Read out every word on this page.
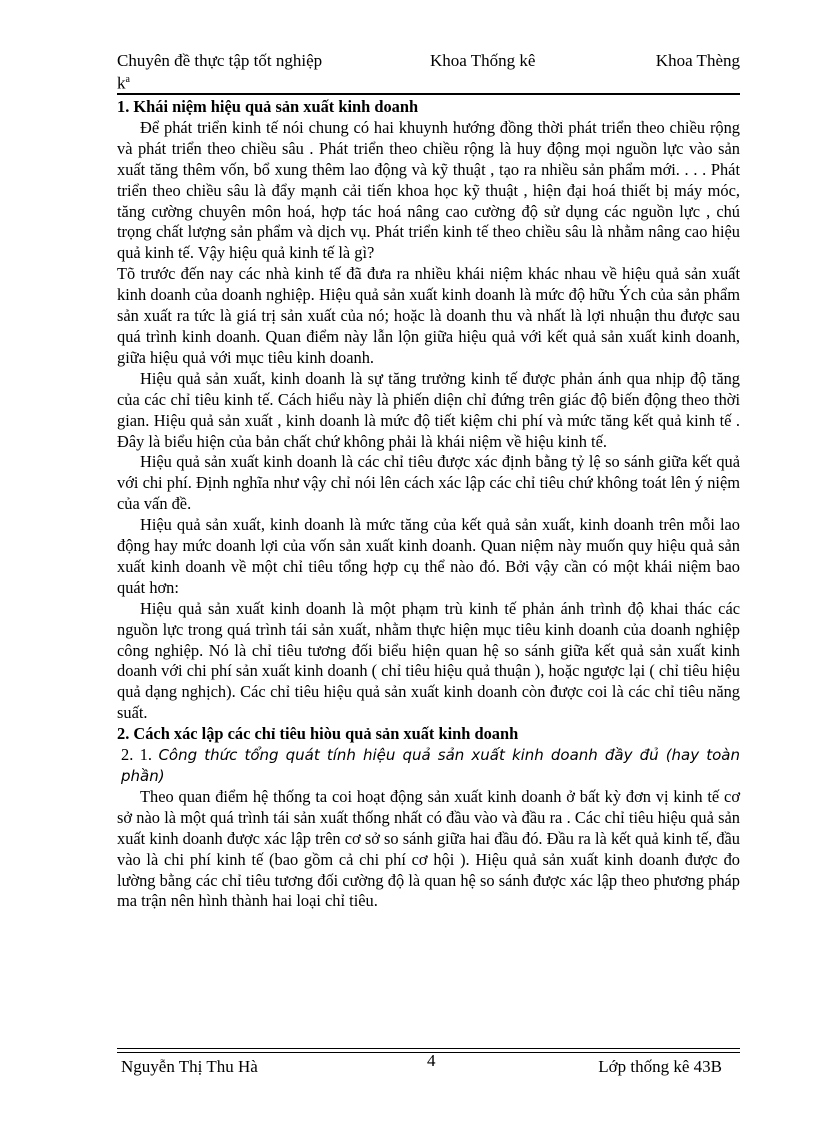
Chuyên đề thực tập tốt nghiệp
$k^a$
Khoa Thống kê	Khoa Thèng
1. Khái niệm hiệu quả sản xuất kinh doanh

Để phát triển kinh tế nói chung có hai khuynh hướng đồng thời phát triển theo chiều rộng và phát triển theo chiều sâu . Phát triển theo chiều rộng là huy động mọi nguồn lực vào sản xuất tăng thêm vốn, bổ xung thêm lao động và kỹ thuật , tạo ra nhiều sản phẩm mới. . . . Phát triển theo chiều sâu là đẩy mạnh cải tiến khoa học kỹ thuật , hiện đại hoá thiết bị máy móc, tăng cường chuyên môn hoá, hợp tác hoá nâng cao cường độ sử dụng các nguồn lực , chú trọng chất lượng sản phẩm và dịch vụ. Phát triển kinh tế theo chiều sâu là nhằm nâng cao hiệu quả kinh tế. Vậy hiệu quả kinh tế là gì?

Tõ trước đến nay các nhà kinh tế đã đưa ra nhiều khái niệm khác nhau về hiệu quả sản xuất kinh doanh của doanh nghiệp. Hiệu quả sản xuất kinh doanh là mức độ hữu Ých của sản phẩm sản xuất ra tức là giá trị sản xuất của nó; hoặc là doanh thu và nhất là lợi nhuận thu được sau quá trình kinh doanh. Quan điểm này lẫn lộn giữa hiệu quả với kết quả sản xuất kinh doanh, giữa hiệu quả với mục tiêu kinh doanh.

Hiệu quả sản xuất, kinh doanh là sự tăng trưởng kinh tế được phản ánh qua nhịp độ tăng của các chỉ tiêu kinh tế. Cách hiểu này là phiến diện chỉ đứng trên giác độ biến động theo thời gian. Hiệu quả sản xuất , kinh doanh là mức độ tiết kiệm chi phí và mức tăng kết quả kinh tế . Đây là biểu hiện của bản chất chứ không phải là khái niệm về hiệu kinh tế.

Hiệu quả sản xuất kinh doanh là các chỉ tiêu được xác định bằng tỷ lệ so sánh giữa kết quả với chi phí. Định nghĩa như vậy chỉ nói lên cách xác lập các chỉ tiêu chứ không toát lên ý niệm của vấn đề.

Hiệu quả sản xuất, kinh doanh là mức tăng của kết quả sản xuất, kinh doanh trên mỗi lao động hay mức doanh lợi của vốn sản xuất kinh doanh. Quan niệm này muốn quy hiệu quả sản xuất kinh doanh về một chỉ tiêu tổng hợp cụ thể nào đó. Bởi vậy cần có một khái niệm bao quát hơn:

Hiệu quả sản xuất kinh doanh là một phạm trù kinh tế phản ánh trình độ khai thác các nguồn lực trong quá trình tái sản xuất, nhằm thực hiện mục tiêu kinh doanh của doanh nghiệp công nghiệp. Nó là chỉ tiêu tương đối biểu hiện quan hệ so sánh giữa kết quả sản xuất kinh doanh với chi phí sản xuất kinh doanh ( chỉ tiêu hiệu quả thuận ), hoặc ngược lại ( chỉ tiêu hiệu quả dạng nghịch). Các chỉ tiêu hiệu quả sản xuất kinh doanh còn được coi là các chỉ tiêu năng suất.

2. Cách xác lập các chỉ tiêu hiòu quả sản xuất kinh doanh

2. 1. Công thức tổng quát tính hiệu quả sản xuất kinh doanh đầy đủ (hay toàn phần)

Theo quan điểm hệ thống ta coi hoạt động sản xuất kinh doanh ở bất kỳ đơn vị kinh tế cơ sở nào là một quá trình tái sản xuất thống nhất có đầu vào và đầu ra . Các chỉ tiêu hiệu quả sản xuất kinh doanh được xác lập trên cơ sở so sánh giữa hai đầu đó. Đầu ra là kết quả kinh tế, đầu vào là chi phí kinh tế (bao gồm cả chi phí cơ hội ). Hiệu quả sản xuất kinh doanh được đo lường bằng các chỉ tiêu tương đối cường độ là quan hệ so sánh được xác lập theo phương pháp ma trận nên hình thành hai loại chỉ tiêu.

Nguyễn Thị Thu Hà	4	Lớp thống kê 43B
